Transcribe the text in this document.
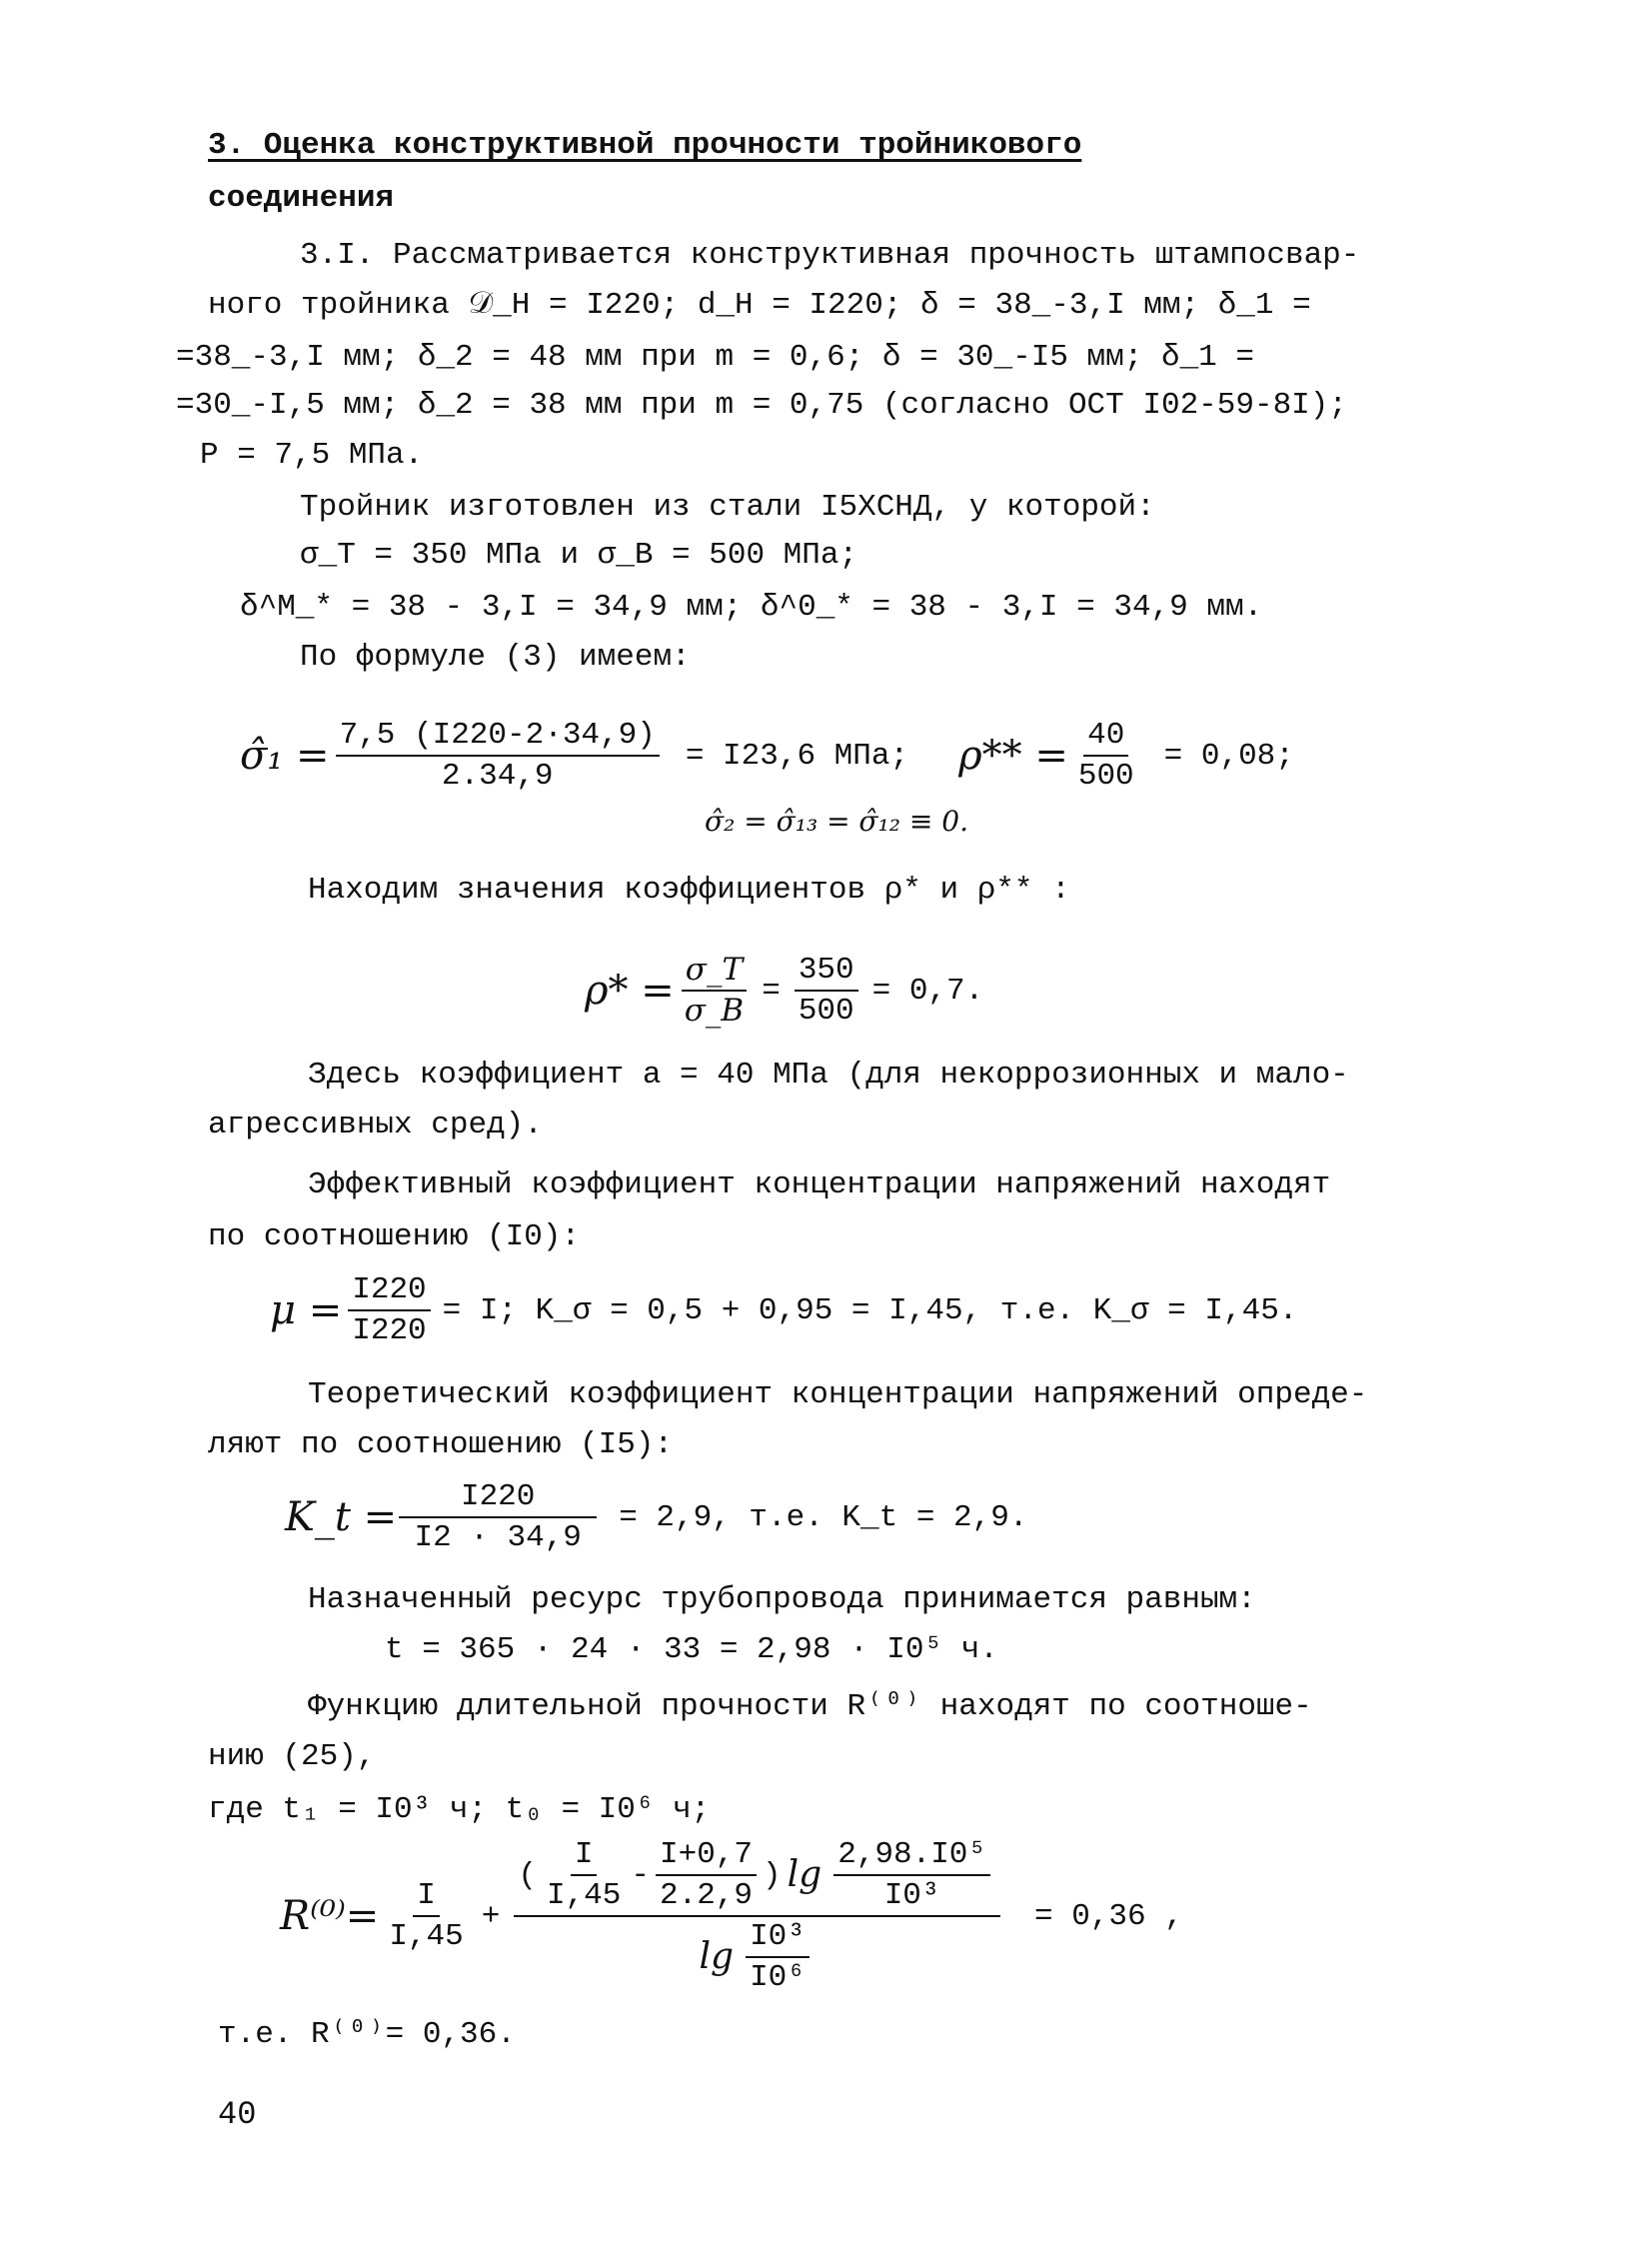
3. Оценка конструктивной прочности тройникового
соединения
3.I. Рассматривается конструктивная прочность штампосвар-
ного тройника 𝒟_H = I220; d_H = I220; δ = 38_-3,I мм; δ_1 =
=38_-3,I мм; δ_2 = 48 мм при m = 0,6; δ = 30_-I5 мм; δ_1 =
=30_-I,5 мм; δ_2 = 38 мм при m = 0,75 (согласно ОСТ I02-59-8I);
P = 7,5 МПа.
Тройник изготовлен из стали I5ХСНД, у которой:
σ_T = 350 МПа и σ_B = 500 МПа;
δ^M_* = 38 - 3,I = 34,9 мм; δ^0_* = 38 - 3,I = 34,9 мм.
По формуле (3) имеем:
σ̂₁ = $\frac{7,5 (I220-2\cdot 34,9)}{2.34,9} = I23,6$ МПа; $\rho** = \frac{40}{500} = 0,08$;
σ̂₂ = σ̂₁₃ = σ̂₁₂ ≡ 0.
Находим значения коэффициентов ρ* и ρ** :
$\rho* = \frac{\sigma\_T}{\sigma\_B} = \frac{350}{500} = 0,7$.
Здесь коэффициент a = 40 МПа (для некоррозионных и мало-
агрессивных сред).
Эффективный коэффициент концентрации напряжений находят
по соотношению (I0):
$\mu = \frac{I220}{I220} = I$; K_σ = 0,5 + 0,95 = I,45, т.е. K_σ = I,45.
Теоретический коэффициент концентрации напряжений опреде-
ляют по соотношению (I5):
K_t = $\frac{I220}{I2 \cdot 34,9} = 2,9$, т.е. K_t = 2,9.
Назначенный ресурс трубопровода принимается равным:
t = 365 · 24 · 33 = 2,98 · I0⁵ ч.
Функцию длительной прочности R⁽⁰⁾ находят по соотноше-
нию (25),
где t₁ = I0³ ч; t₀ = I0⁶ ч;
$R^{(0)}= \frac{I}{I,45}$ +
( $\frac{I}{I,45} - \frac{I+0,7}{2.2,9}$ ) $\lg \frac{\text{2,98.I0⁵}}{\text{I0³}}$
$\lg \frac{\text{I0³}}{\text{I0⁶}}$
= 0,36 ,
т.е. R⁽⁰⁾= 0,36.
40
